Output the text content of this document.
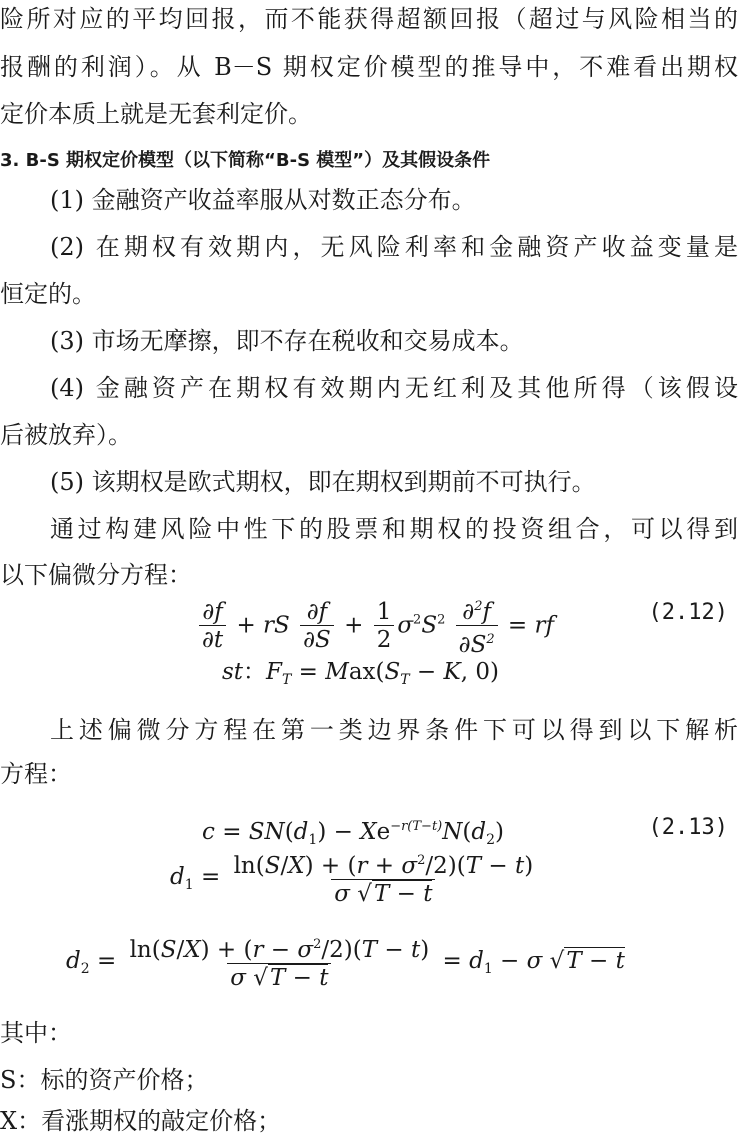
险所对应的平均回报，而不能获得超额回报（超过与风险相当的
报酬的利润）。从 B－S 期权定价模型的推导中，不难看出期权
定价本质上就是无套利定价。
3. B-S 期权定价模型（以下简称“B-S 模型”）及其假设条件
(1) 金融资产收益率服从对数正态分布。
(2) 在期权有效期内，无风险利率和金融资产收益变量是
恒定的。
(3) 市场无摩擦，即不存在税收和交易成本。
(4) 金融资产在期权有效期内无红利及其他所得（该假设
后被放弃）。
(5) 该期权是欧式期权，即在期权到期前不可执行。
通过构建风险中性下的股票和期权的投资组合，可以得到
以下偏微分方程：
$\frac{\partial f}{\partial t}$ + rS $\frac{\partial f}{\partial S} + \frac{1}{2} \sigma^2S^2 \frac{\partial^2f}{\partial S^2}$ = rf	(2.12)
st：$F_T = Max(S_T - K$, 0)
上述偏微分方程在第一类边界条件下可以得到以下解析
方程：
$c = SN(d_1) - Xe^{-r(T-t)}N(d_2)$	(2.13)
$d_1 = \frac{\ln(S/X) + (r + \sigma^2/2)(T - t)}{\sigma √T - t}$
$d_2 = \frac{\ln(S/X) + (r - \sigma^2/2)(T - t)}{\sigma √T - t} = d_1 - \sigma$ √T − t
其中：
S：标的资产价格；
X：看涨期权的敲定价格；
